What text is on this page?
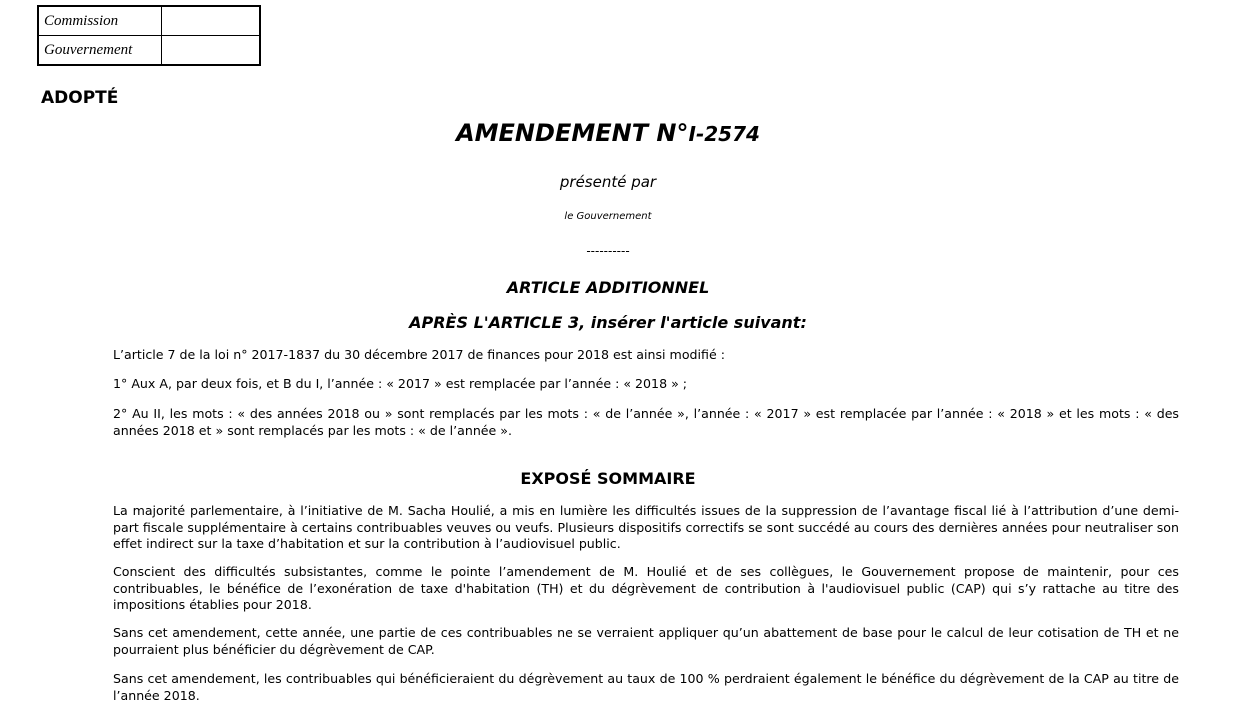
Commission	
Gouvernement	
ADOPTÉ
AMENDEMENT N°I-2574
présenté par
le Gouvernement
----------
ARTICLE ADDITIONNEL
APRÈS L'ARTICLE 3, insérer l'article suivant:

L’article 7 de la loi n° 2017-1837 du 30 décembre 2017 de finances pour 2018 est ainsi modifié :

1° Aux A, par deux fois, et B du I, l’année : « 2017 » est remplacée par l’année : « 2018 » ;

2° Au II, les mots : « des années 2018 ou » sont remplacés par les mots : « de l’année », l’année : « 2017 » est remplacée par l’année : « 2018 » et les mots : « des années 2018 et » sont remplacés par les mots : « de l’année ».

EXPOSÉ SOMMAIRE

La majorité parlementaire, à l’initiative de M. Sacha Houlié, a mis en lumière les difficultés issues de la suppression de l’avantage fiscal lié à l’attribution d’une demi-part fiscale supplémentaire à certains contribuables veuves ou veufs. Plusieurs dispositifs correctifs se sont succédé au cours des dernières années pour neutraliser son effet indirect sur la taxe d’habitation et sur la contribution à l’audiovisuel public.

Conscient des difficultés subsistantes, comme le pointe l’amendement de M. Houlié et de ses collègues, le Gouvernement propose de maintenir, pour ces contribuables, le bénéfice de l’exonération de taxe d'habitation (TH) et du dégrèvement de contribution à l'audiovisuel public (CAP) qui s’y rattache au titre des impositions établies pour 2018.

Sans cet amendement, cette année, une partie de ces contribuables ne se verraient appliquer qu’un abattement de base pour le calcul de leur cotisation de TH et ne pourraient plus bénéficier du dégrèvement de CAP.

Sans cet amendement, les contribuables qui bénéficieraient du dégrèvement au taux de 100 % perdraient également le bénéfice du dégrèvement de la CAP au titre de l’année 2018.
